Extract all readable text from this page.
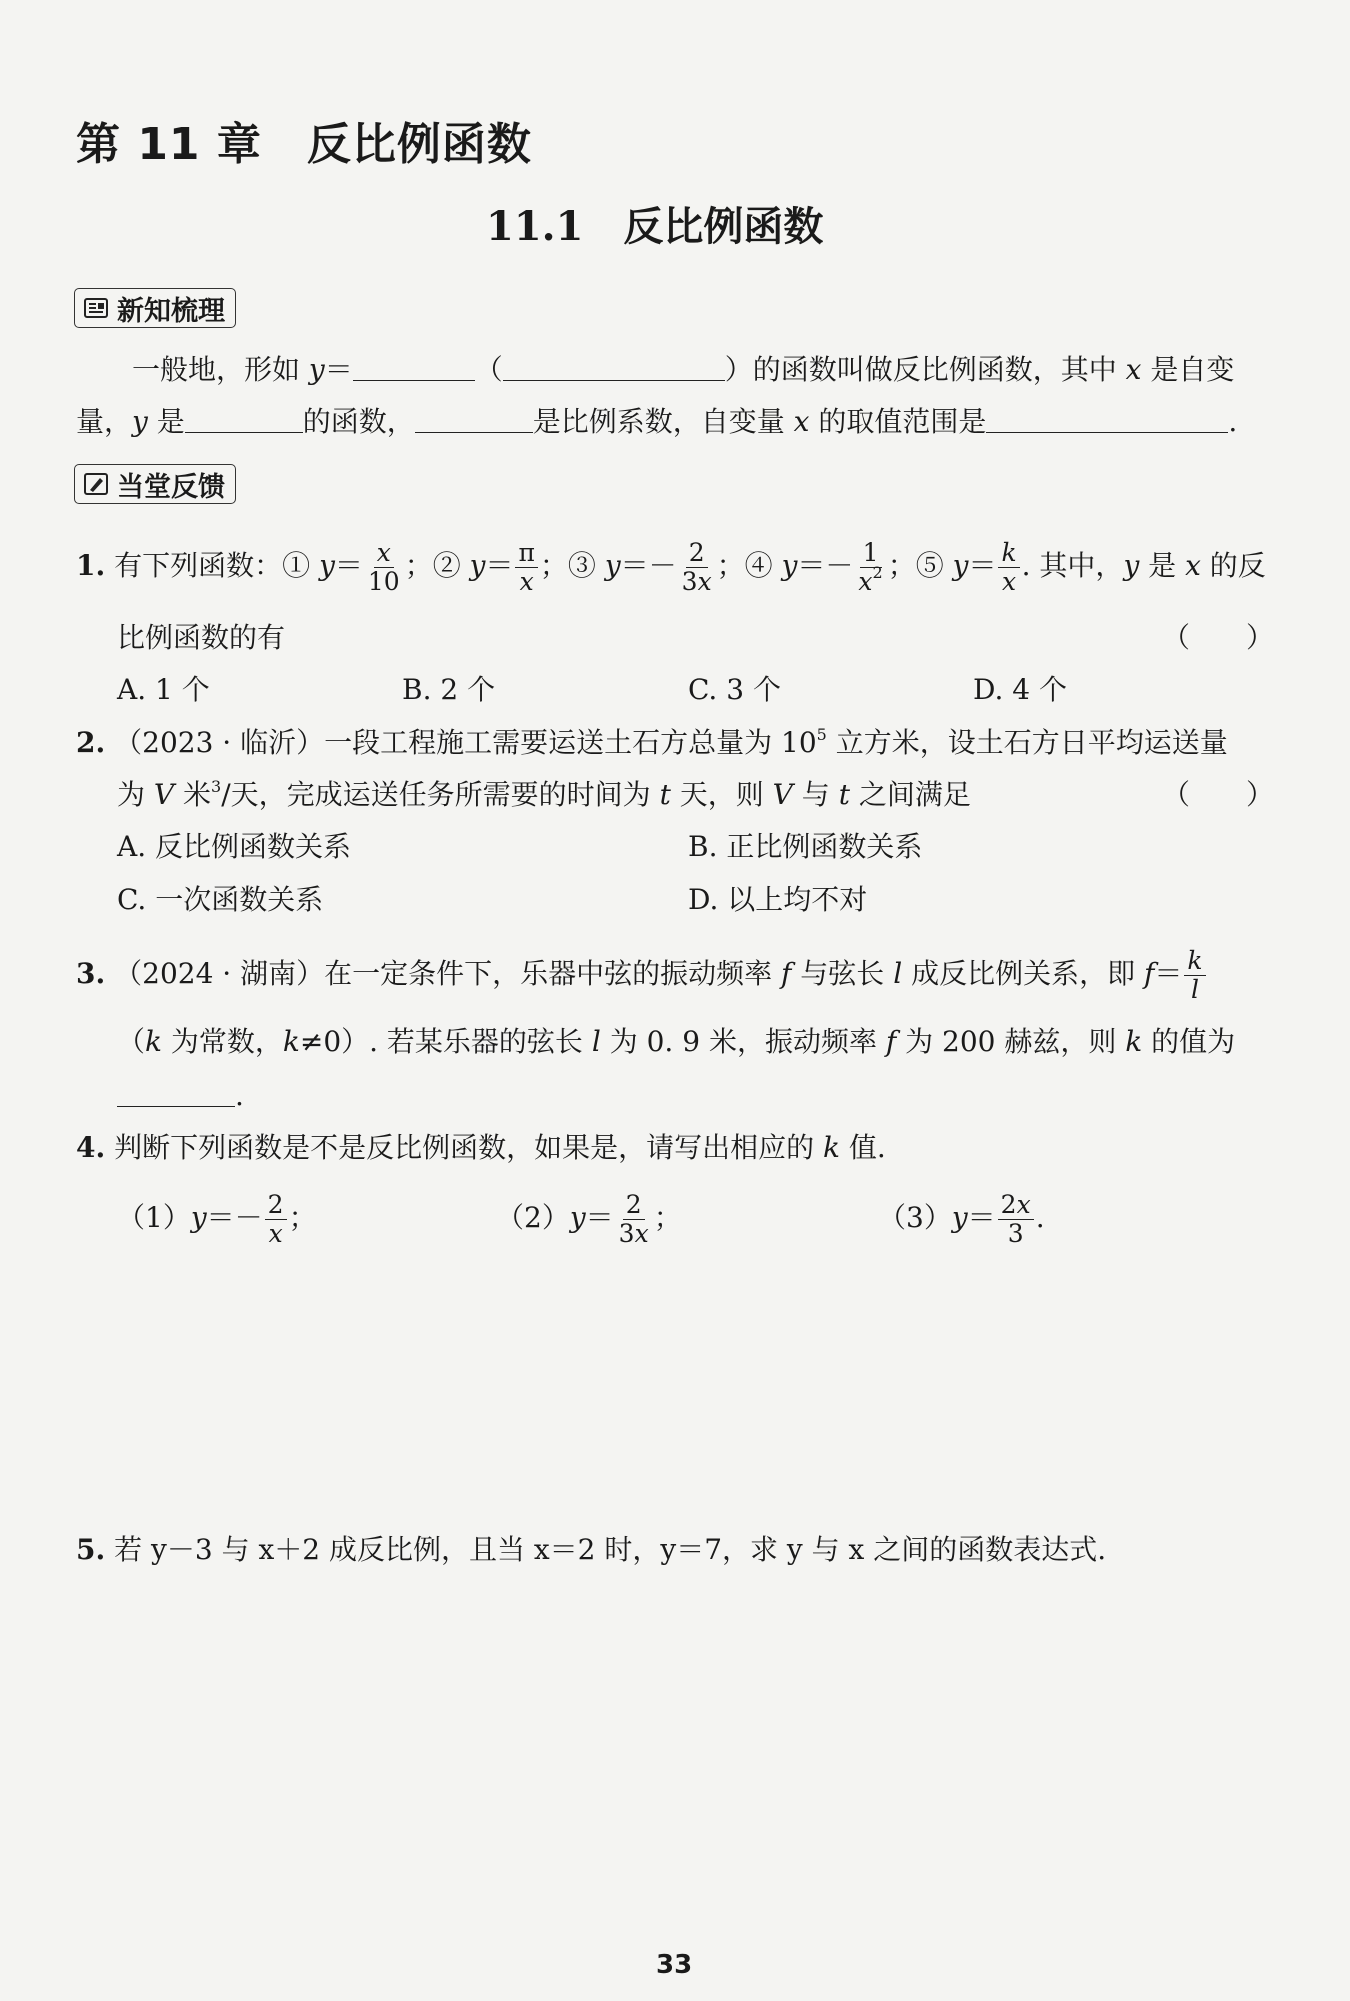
第 11 章　反比例函数
11.1　反比例函数
新知梳理
一般地，形如 y＝	（	）的函数叫做反比例函数，其中 x 是自变
量，y 是	的函数，	是比例系数，自变量 x 的取值范围是	.
当堂反馈
1. 有下列函数：① $y= \frac{x}{10}$ ；② $y= \frac{\pi}{x}$ ；③ $y=- \frac{2}{3x}$ ；④ $y=- \frac{1}{x^2}$ ；⑤ $y= \frac{k}{x}$ . 其中，y 是 x 的反
比例函数的有	（　　）
A. 1 个	B. 2 个	C. 3 个	D. 4 个
2. （2023 · 临沂）一段工程施工需要运送土石方总量为 $10^5$ 立方米，设土石方日平均运送量
为 V 米$^3$/天，完成运送任务所需要的时间为 t 天，则 V 与 t 之间满足	（　　）
A. 反比例函数关系	B. 正比例函数关系
C. 一次函数关系	D. 以上均不对
3. （2024 · 湖南）在一定条件下，乐器中弦的振动频率 f 与弦长 l 成反比例关系，即 $f= \frac{k}{l}$
（k 为常数，k≠0）. 若某乐器的弦长 l 为 0. 9 米，振动频率 f 为 200 赫兹，则 k 的值为
.
4. 判断下列函数是不是反比例函数，如果是，请写出相应的 k 值.
$(1)y=- \frac{2}{x}$ ；	$(2)y= \frac{2}{3x}$ ；	$(3)y= \frac{2x}{3}$ .
5. 若 y－3 与 x＋2 成反比例，且当 x＝2 时，y＝7，求 y 与 x 之间的函数表达式.
33
